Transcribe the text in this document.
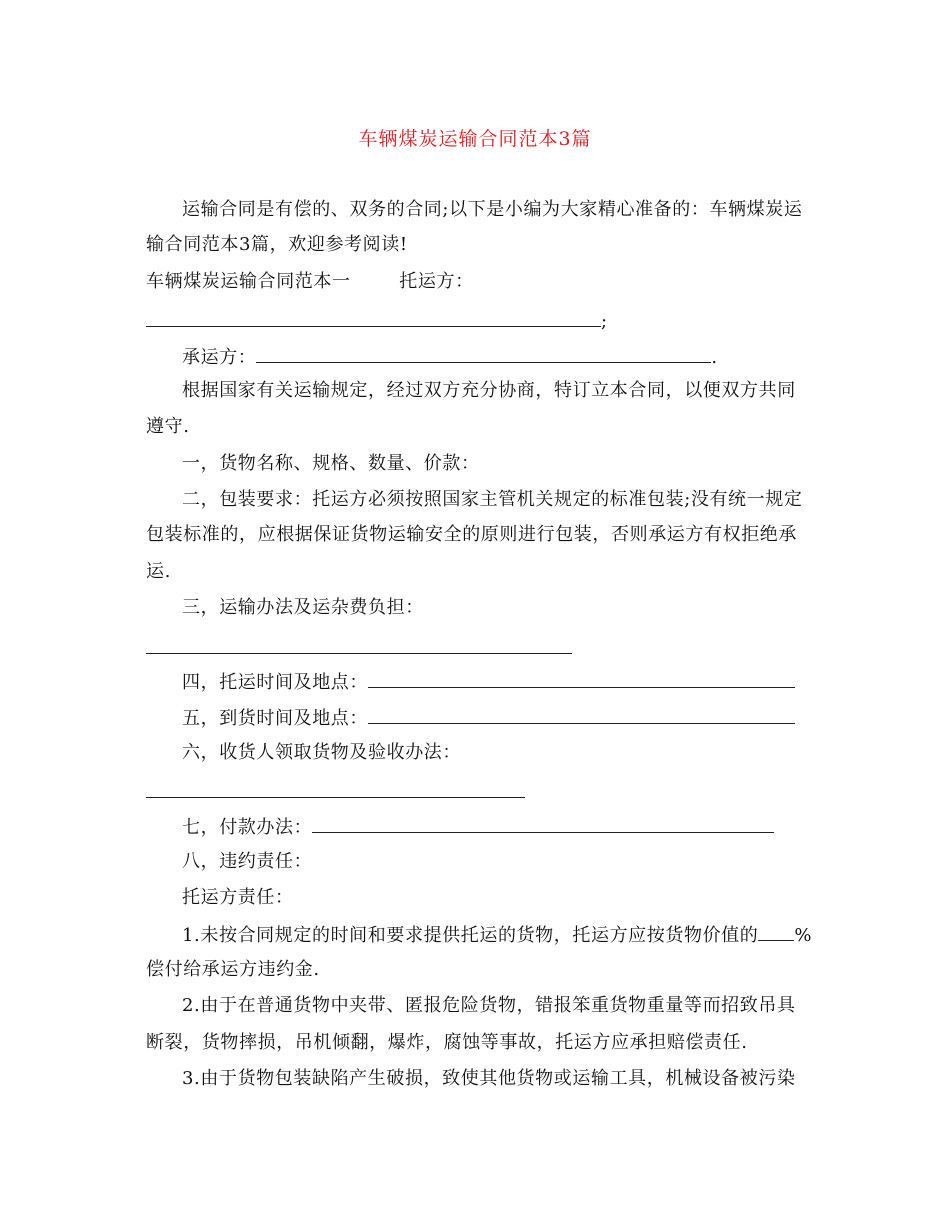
车辆煤炭运输合同范本3篇
运输合同是有偿的、双务的合同;以下是小编为大家精心准备的：车辆煤炭运
输合同范本3篇，欢迎参考阅读!
车辆煤炭运输合同范本一	托运方：
;
承运方：	.
根据国家有关运输规定，经过双方充分协商，特订立本合同，以便双方共同
遵守.
一，货物名称、规格、数量、价款：
二，包装要求：托运方必须按照国家主管机关规定的标准包装;没有统一规定
包装标准的，应根据保证货物运输安全的原则进行包装，否则承运方有权拒绝承
运.
三，运输办法及运杂费负担：
四，托运时间及地点：
五，到货时间及地点：
六，收货人领取货物及验收办法：
七，付款办法：
八，违约责任：
托运方责任：
1.未按合同规定的时间和要求提供托运的货物，托运方应按货物价值的 %
偿付给承运方违约金.
2.由于在普通货物中夹带、匿报危险货物，错报笨重货物重量等而招致吊具
断裂，货物摔损，吊机倾翻，爆炸，腐蚀等事故，托运方应承担赔偿责任.
3.由于货物包装缺陷产生破损，致使其他货物或运输工具，机械设备被污染
